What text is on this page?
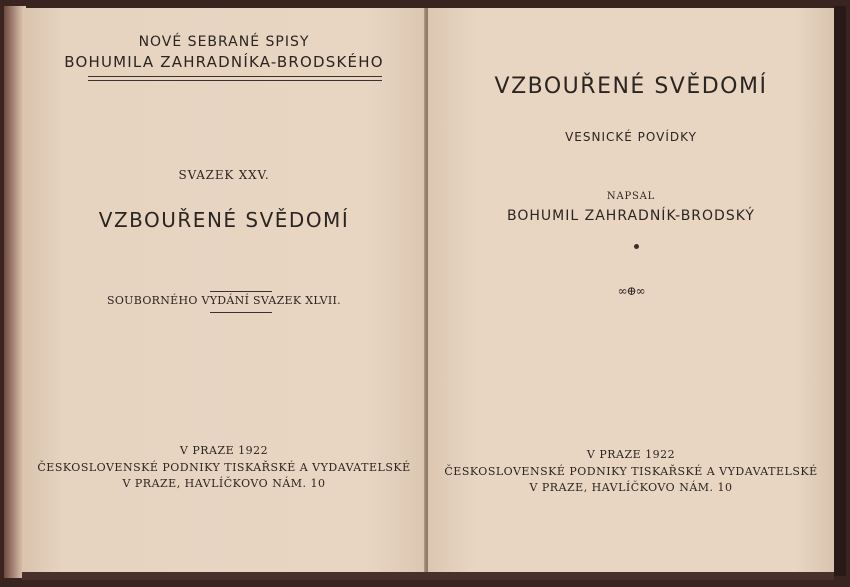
NOVÉ SEBRANÉ SPISY
BOHUMILA ZAHRADNÍKA-BRODSKÉHO
SVAZEK XXV.
VZBOUŘENÉ SVĚDOMÍ
SOUBORNÉHO VYDÁNÍ SVAZEK XLVII.
V PRAZE 1922
ČESKOSLOVENSKÉ PODNIKY TISKAŘSKÉ A VYDAVATELSKÉ
V PRAZE, HAVLÍČKOVO NÁM. 10
VZBOUŘENÉ SVĚDOMÍ
VESNICKÉ POVÍDKY
NAPSAL
BOHUMIL ZAHRADNÍK-BRODSKÝ
∞⊕∞
V PRAZE 1922
ČESKOSLOVENSKÉ PODNIKY TISKAŘSKÉ A VYDAVATELSKÉ
V PRAZE, HAVLÍČKOVO NÁM. 10
